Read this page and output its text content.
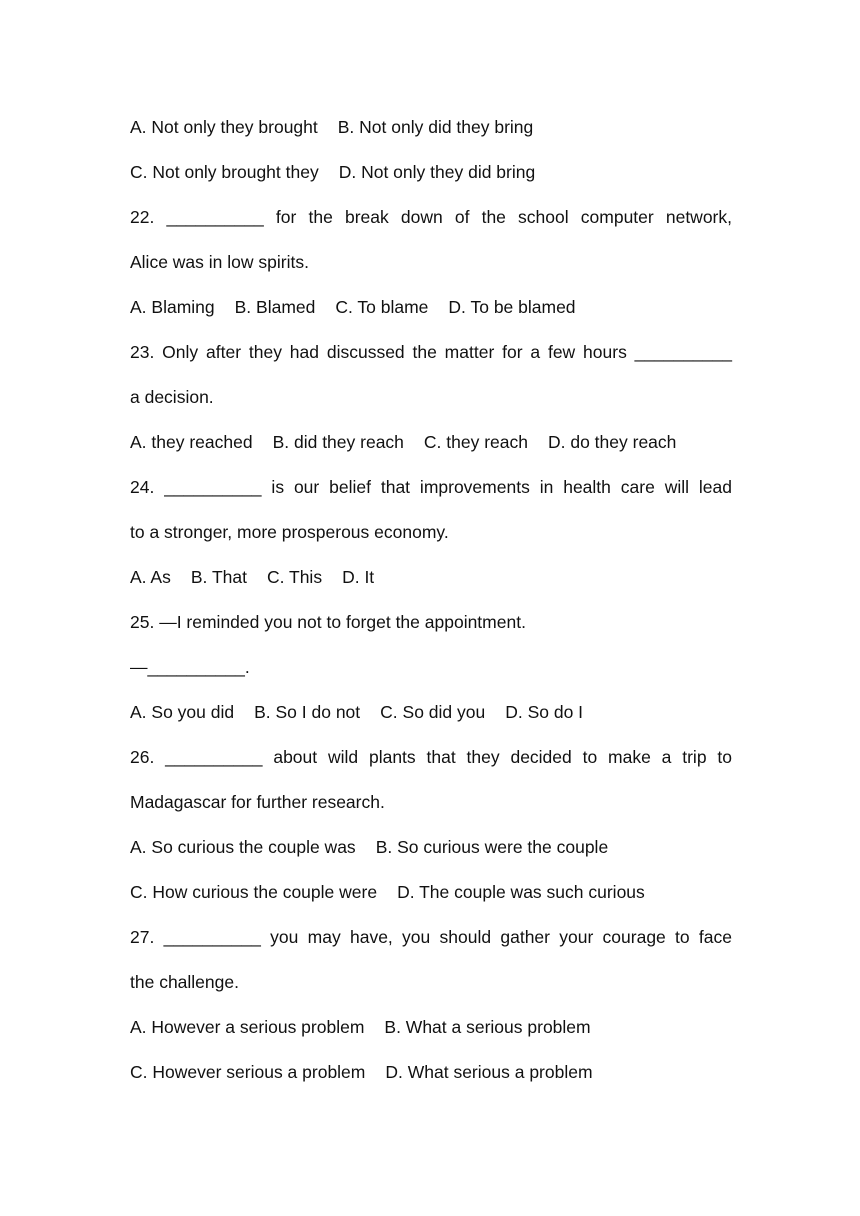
A. Not only they brought B. Not only did they bring
C. Not only brought they D. Not only they did bring
22. __________ for the break down of the school computer network,
Alice was in low spirits.
A. Blaming B. Blamed C. To blame D. To be blamed
23. Only after they had discussed the matter for a few hours __________
a decision.
A. they reached B. did they reach C. they reach D. do they reach
24. __________ is our belief that improvements in health care will lead
to a stronger, more prosperous economy.
A. As B. That C. This D. It
25. —I reminded you not to forget the appointment.
—__________.
A. So you did B. So I do not C. So did you D. So do I
26. __________ about wild plants that they decided to make a trip to
Madagascar for further research.
A. So curious the couple was B. So curious were the couple
C. How curious the couple were D. The couple was such curious
27. __________ you may have, you should gather your courage to face
the challenge.
A. However a serious problem B. What a serious problem
C. However serious a problem D. What serious a problem
